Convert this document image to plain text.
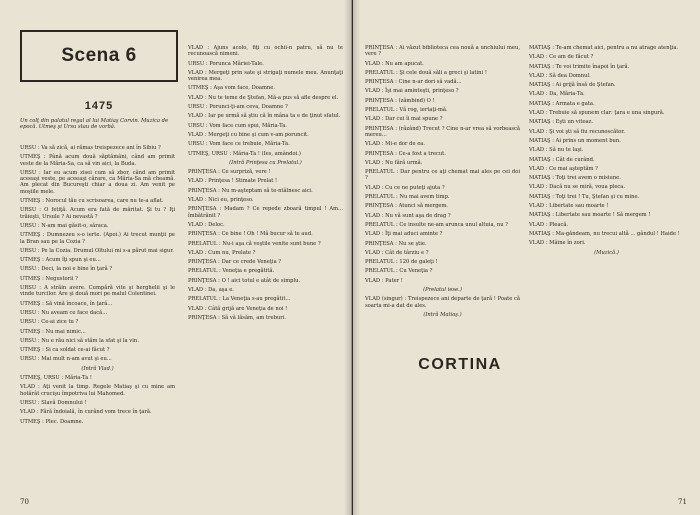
Scena 6
1475
Un colţ din palatul regal al lui Matiaş Corvin. Muzica de epocă. Utmeş şi Ursu stau de vorbă.

URSU : Va să zică, ai rămas treispezece ani în Sibiu ?

UTMEŞ : Până acum două săptămâni, când am primit veste de la Măria-Sa, ca să vin aici, la Buda.

URSU : Iar eu acum zisei cum să zbor, când am primit aceeaşi veste, pe aceeaşi cărare, ca Măria-Sa mă cheamă. Am plecat din Bucureşti chiar a doua zi. Am venit pe moşiile mele.

UTMEŞ : Norocul tău cu scrisoarea, care nu te-a aflat.

URSU : O fetiţă. Acum era fată de măritat. Şi tu ? Iţi trăieşti, Ursule ? Ai nevastă ?

URSU : N-am mai găsit-o, săraca.

UTMEŞ : Dumnezeu s-o ierte. (Apoi.) Ai trecut munţii pe la Bran sau pe la Cozia ?

URSU : Pe la Cozia. Drumul Oltului mi s-a părut mai sigur.

UTMEŞ : Acum îţi spun şi eu...

URSU : Deci, la noi e bine în ţară ?

UTMEŞ : Negustorii ?

URSU : A străin avere. Cumpără vite şi herghelii şi le vinde turcilor. Are şi două mori pe malul Colentinei.

UTMEŞ : Să vină încoace, în ţară...

URSU : Nu aveam ce face dacă...

URSU : Ce-ai zice tu ?

UTMEŞ : Nu mai nimic...

URSU : Nu e rău nici să stăm la sfat şi la vin.

UTMEŞ : Si ca soldat ce-ai făcut ?

URSU : Mai mult n-am avut şi eu...

(Intră Vlad.)

UTMEŞ, URSU : Măria-Ta !

VLAD : Aţi venit la timp. Regele Matiaş şi cu mine am hotărât crucişu împotriva lui Mahomed.

URSU : Slavă Domnului !

VLAD : Fără îndoială, în curând vom trece în ţară.

UTMEŞ : Plec. Doamne.

VLAD : Ajuns acolo, fiţi cu ochii-n patru, să nu te recunoască nimeni.

URSU : Porunca Măriei-Tale.

VLAD : Mergeţi prin sate şi strigaţi numele meu. Anunţaţi venirea mea.

UTMEŞ : Aşa vom face, Doamne.

VLAD : Nu te teme de Ştefan, Mă-a pus să afle despre el.

URSU : Porunci-ţi-am ceva, Doamne ?

VLAD : Iar pe urmă să ştiu că în mâna ta e de ţinut sfatul.

URSU : Vom face cum spui, Măria-Ta.

VLAD : Mergeţi cu bine şi cum v-am poruncit.

URSU : Vom face ce trebuie, Măria-Ta.

UTMEŞ, URSU : Măria-Ta ! (Ies, amândoi.)

(Intră Prinţesa cu Prelatul.)

PRINŢESA : Ce surpriză, vere !

VLAD : Prinţesa ! Stimate Prelat !

PRINŢESA : Nu m-aşteptam să te-ntâlnesc aici.

VLAD : Nici eu, prinţeso.

PRINŢESA : Madam ? Ce repede zboară timpul ! Am... îmbătrânit ?

VLAD : Deloc.

PRINŢESA : Ce bine ! Oh ! Mă bucur să te aud.

PRELATUL : Nu-i aşa că veştile venite sunt bune ?

VLAD : Cum nu, Prelate ?

PRINŢESA : Dar ce crede Veneţia ?

PRELATUL : Veneţia e pregătită.

PRINŢESA : O ! aici totul e atât de simplu.

VLAD : Da, aşa e.

PRELATUL : La Veneţia s-au pregătit...

VLAD : Câtă grijă are Veneţia de noi !

PRINŢESA : Să vă lăsăm, am treburi.

70

PRINŢESA : Ai văzut biblioteca cea nouă a unchiului meu, vere ?

VLAD : Nu am apucat.

PRELATUL : Şi cele două săli a greci şi latini !

PRINŢESA : Cine n-ar dori să vadă...

VLAD : Îşi mai aminteşti, prinţeso ?

PRINŢESA : (zâmbind) O !

PRELATUL : Vă rog, iertaţi-mă.

VLAD : Dar cui îi mai spune ?

PRINŢESA : (râzând) Trecut ? Cine n-ar vrea să vorbească mereu...

VLAD : Mi-e dor de ea.

PRINŢESA : Ce-a fost a trecut.

VLAD : Nu fără urmă.

PRELATUL : Dar pentru ce aţi chemat mai ales pe cei doi ?

VLAD : Cu ce ne puteţi ajuta ?

PRELATUL : Nu mai avem timp.

PRINŢESA : Atunci să mergem.

VLAD : Nu vă sunt aşa de drag ?

PRELATUL : Ce insulte ne-am arunca unul altuia, nu ?

VLAD : Îţi mai aduci aminte ?

PRINŢESA : Nu se ştie.

VLAD : Cât de târziu e ?

PRELATUL : 120 de galeţi !

PRELATUL : Cu Veneţia ?

VLAD : Pater !

(Prelatul iese.)

VLAD (singur) : Treispezece ani departe de ţară ! Poate că soarta mi-a dat de ales.

(Intră Matiaş.)

MATIAŞ : Te-am chemat aici, pentru a nu atrage atenţia.

VLAD : Ce am de făcut ?

MATIAŞ : Te voi trimite înapoi în ţară.

VLAD : Să dea Domnul.

MATIAŞ : Ai grijă însă de Ştefan.

VLAD : Da, Măria-Ta.

MATIAŞ : Armata e gata.

VLAD : Trebuie să spunem clar: ţara e una singură.

MATIAŞ : Eşti un viteaz.

VLAD : Şi voi şti să fiu recunoscător.

MATIAŞ : Ai prins un moment bun.

VLAD : Să nu te laşi.

MATIAŞ : Cât de curând.

VLAD : Ce mai aşteptăm ?

MATIAŞ : Toţi trei avem o misiune.

VLAD : Dacă nu se miră, voua pleca.

MATIAŞ : Toţi trei ! Tu, Ştefan şi cu mine.

VLAD : Libertate sau moarte !

MATIAŞ : Libertate sau moarte ! Să mergem !

VLAD : Pleacă.

MATIAŞ : Ma-găndeam, nu trecui altă ... gândul ! Haide !

VLAD : Mâine în zori.

(Muzică.)

71
CORTINA
